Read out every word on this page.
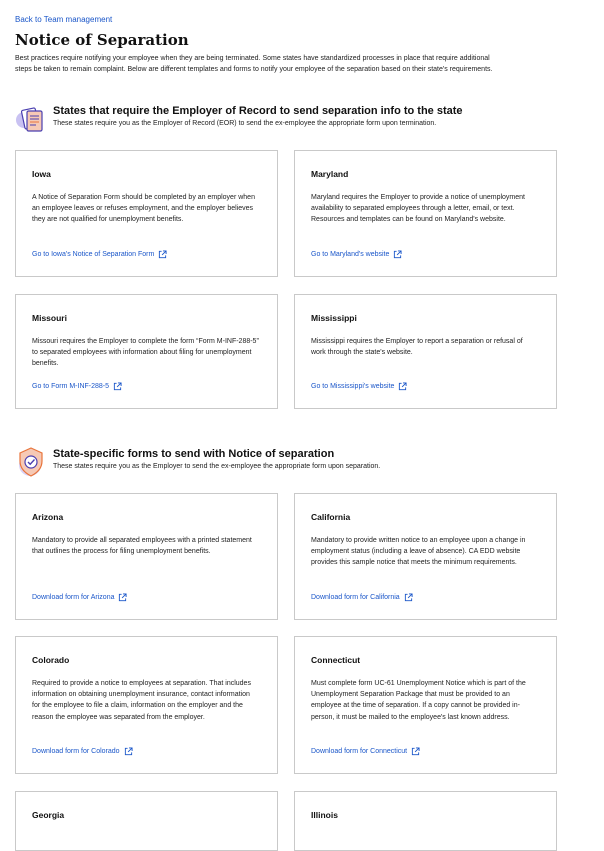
Back to Team management
Notice of Separation

Best practices require notifying your employee when they are being terminated. Some states have standardized processes in place that require additional steps be taken to remain complaint. Below are different templates and forms to notify your employee of the separation based on their state's requirements.

States that require the Employer of Record to send separation info to the state

These states require you as the Employer of Record (EOR) to send the ex-employee the appropriate form upon termination.

Iowa

A Notice of Separation Form should be completed by an employer when an employee leaves or refuses employment, and the employer believes they are not qualified for unemployment benefits.

Go to Iowa's Notice of Separation Form
Maryland

Maryland requires the Employer to provide a notice of unemployment availability to separated employees through a letter, email, or text. Resources and templates can be found on Maryland's website.

Go to Maryland's website
Missouri

Missouri requires the Employer to complete the form “Form M-INF-288-5” to separated employees with information about filing for unemployment benefits.

Go to Form M-INF-288-5
Mississippi

Mississippi requires the Employer to report a separation or refusal of work through the state's website.

Go to Mississippi's website
State-specific forms to send with Notice of separation

These states require you as the Employer to send the ex-employee the appropriate form upon separation.

Arizona

Mandatory to provide all separated employees with a printed statement that outlines the process for filing unemployment benefits.

Download form for Arizona
California

Mandatory to provide written notice to an employee upon a change in employment status (including a leave of absence). CA EDD website provides this sample notice that meets the minimum requirements.

Download form for California
Colorado

Required to provide a notice to employees at separation. That includes information on obtaining unemployment insurance, contact information for the employee to file a claim, information on the employer and the reason the employee was separated from the employer.

Download form for Colorado
Connecticut

Must complete form UC-61 Unemployment Notice which is part of the Unemployment Separation Package that must be provided to an employee at the time of separation. If a copy cannot be provided in-person, it must be mailed to the employee's last known address.

Download form for Connecticut
Georgia	Illinois
